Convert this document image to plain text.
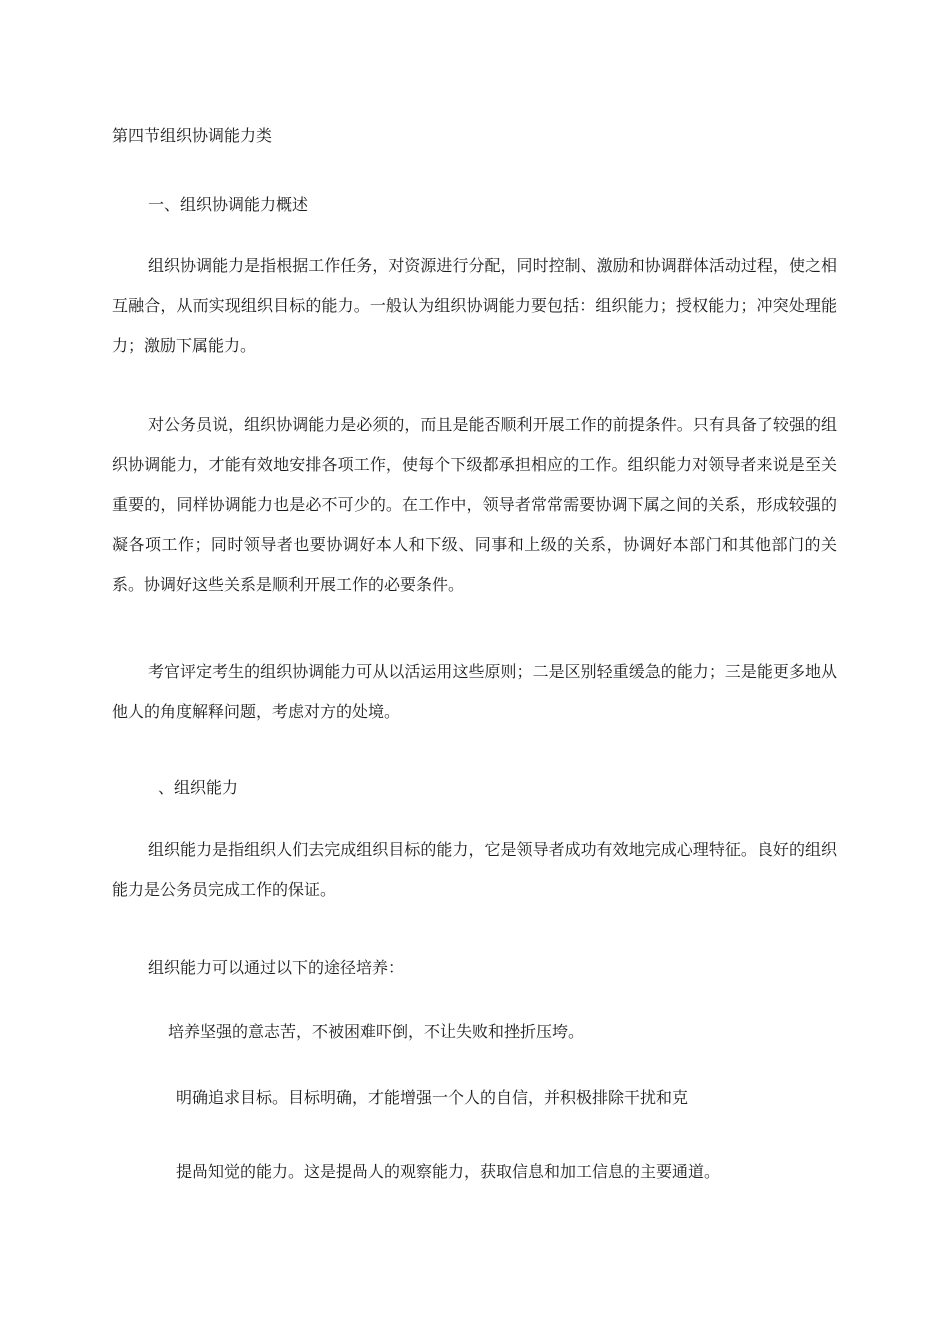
第四节组织协调能力类

一、组织协调能力概述

组织协调能力是指根据工作任务，对资源进行分配，同时控制、激励和协调群体活动过程，使之相互融合，从而实现组织目标的能力。一般认为组织协调能力要包括：组织能力；授权能力；冲突处理能力；激励下属能力。

对公务员说，组织协调能力是必须的，而且是能否顺利开展工作的前提条件。只有具备了较强的组织协调能力，才能有效地安排各项工作，使每个下级都承担相应的工作。组织能力对领导者来说是至关重要的，同样协调能力也是必不可少的。在工作中，领导者常常需要协调下属之间的关系，形成较强的凝各项工作；同时领导者也要协调好本人和下级、同事和上级的关系，协调好本部门和其他部门的关系。协调好这些关系是顺利开展工作的必要条件。

考官评定考生的组织协调能力可从以活运用这些原则；二是区别轻重缓急的能力；三是能更多地从他人的角度解释问题，考虑对方的处境。

、组织能力

组织能力是指组织人们去完成组织目标的能力，它是领导者成功有效地完成心理特征。良好的组织能力是公务员完成工作的保证。

组织能力可以通过以下的途径培养：

培养坚强的意志苦，不被困难吓倒，不让失败和挫折压垮。

明确追求目标。目标明确，才能增强一个人的自信，并积极排除干扰和克

提咼知觉的能力。这是提咼人的观察能力，获取信息和加工信息的主要通道。
